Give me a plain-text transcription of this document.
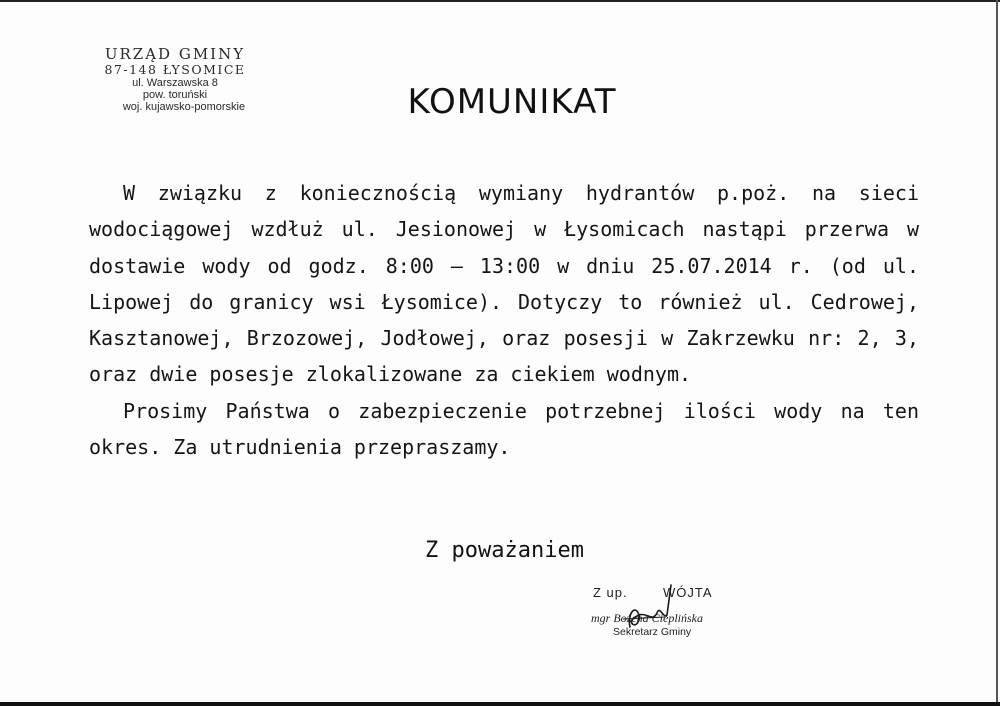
URZĄD GMINY
87-148 ŁYSOMICE
ul. Warszawska 8
pow. toruński
woj. kujawsko-pomorskie	KOMUNIKAT

W związku z koniecznością wymiany hydrantów p.poż. na sieci wodociągowej wzdłuż ul. Jesionowej w Łysomicach nastąpi przerwa w dostawie wody od godz. 8:00 – 13:00 w dniu 25.07.2014 r. (od ul. Lipowej do granicy wsi Łysomice). Dotyczy to również ul. Cedrowej, Kasztanowej, Brzozowej, Jodłowej, oraz posesji w Zakrzewku nr: 2, 3, oraz dwie posesje zlokalizowane za ciekiem wodnym.

Prosimy Państwa o zabezpieczenie potrzebnej ilości wody na ten okres. Za utrudnienia przepraszamy.

Z poważaniem
Z up.	WÓJTA
mgr Bożena Cieplińska
Sekretarz Gminy
